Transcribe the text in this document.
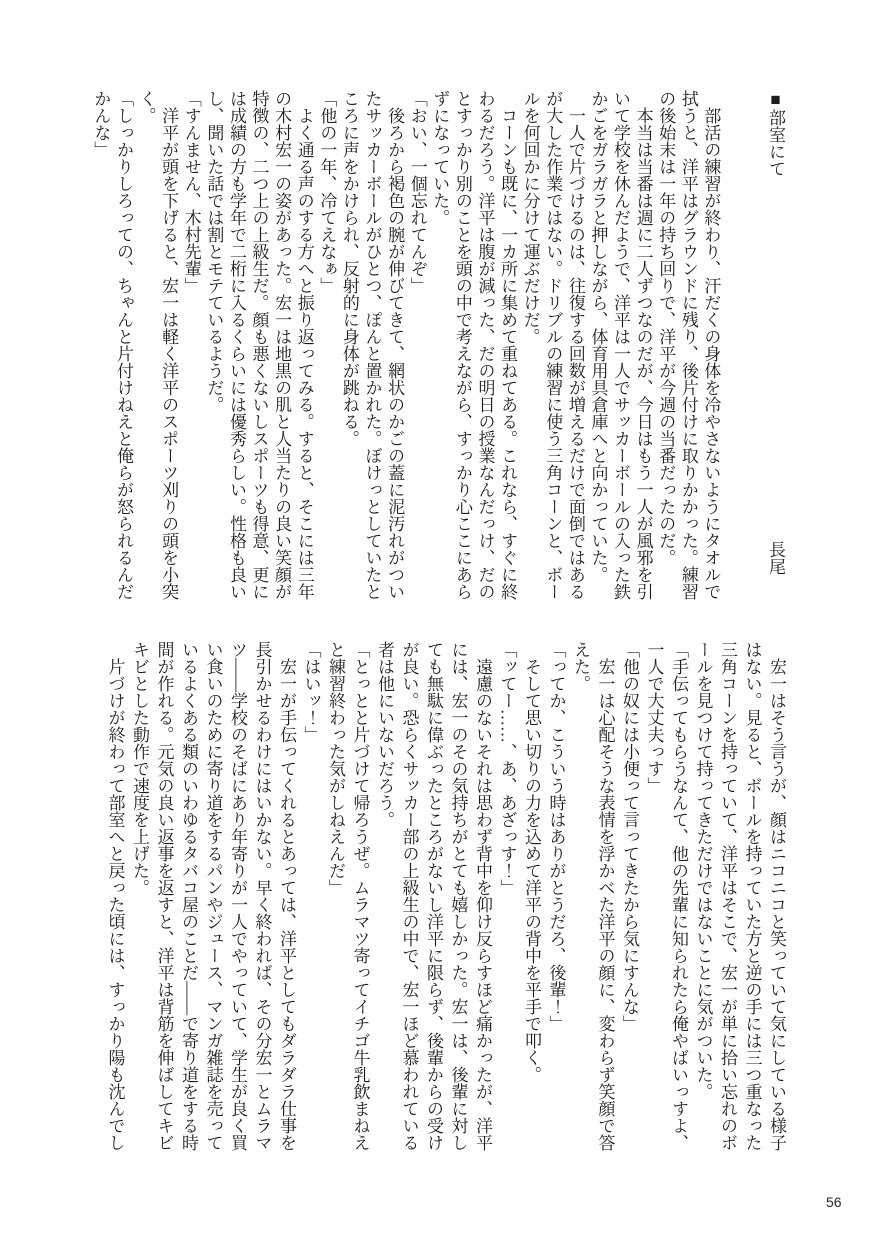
■部室にて
長尾

部活の練習が終わり、汗だくの身体を冷やさないようにタオルで拭うと、洋平はグラウンドに残り、後片付けに取りかかった。練習の後始末は一年の持ち回りで、洋平が今週の当番だったのだ。

本当は当番は週に二人ずつなのだが、今日はもう一人が風邪を引いて学校を休んだようで、洋平は一人でサッカーボールの入った鉄かごをガラガラと押しながら、体育用具倉庫へと向かっていた。

一人で片づけるのは、往復する回数が増えるだけで面倒ではあるが大した作業ではない。ドリブルの練習に使う三角コーンと、ボールを何回かに分けて運ぶだけだ。

コーンも既に、一カ所に集めて重ねてある。これなら、すぐに終わるだろう。洋平は腹が減った、だの明日の授業なんだっけ、だのとすっかり別のことを頭の中で考えながら、すっかり心ここにあらずになっていた。

「おい、一個忘れてんぞ」

後ろから褐色の腕が伸びてきて、網状のかごの蓋に泥汚れがついたサッカーボールがひとつ、ぽんと置かれた。ぼけっとしていたところに声をかけられ、反射的に身体が跳ねる。

「他の一年、冷てえなぁ」

よく通る声のする方へと振り返ってみる。すると、そこには三年の木村宏一の姿があった。宏一は地黒の肌と人当たりの良い笑顔が特徴の、二つ上の上級生だ。顔も悪くないしスポーツも得意、更には成績の方も学年で二桁に入るくらいには優秀らしい。性格も良いし、聞いた話では割とモテているようだ。

「すんません、木村先輩」

洋平が頭を下げると、宏一は軽く洋平のスポーツ刈りの頭を小突く。

「しっかりしろっての、ちゃんと片付けねえと俺らが怒られるんだかんな」

宏一はそう言うが、顔はニコニコと笑っていて気にしている様子はない。見ると、ボールを持っていた方と逆の手には三つ重なった三角コーンを持っていて、洋平はそこで、宏一が単に拾い忘れのボールを見つけて持ってきただけではないことに気がついた。

「手伝ってもらうなんて、他の先輩に知られたら俺やばいっすよ、一人で大丈夫っす」

「他の奴には小便って言ってきたから気にすんな」

宏一は心配そうな表情を浮かべた洋平の顔に、変わらず笑顔で答えた。

「ってか、こういう時はありがとうだろ、後輩！」

そして思い切りの力を込めて洋平の背中を平手で叩く。

「ッてー……、あ、あざっす！」

遠慮のないそれは思わず背中を仰け反らすほど痛かったが、洋平には、宏一のその気持ちがとても嬉しかった。宏一は、後輩に対しても無駄に偉ぶったところがないし洋平に限らず、後輩からの受けが良い。恐らくサッカー部の上級生の中で、宏一ほど慕われている者は他にいないだろう。

「とっとと片づけて帰ろうぜ。ムラマツ寄ってイチゴ牛乳飲まねえと練習終わった気がしねえんだ」

「はいッ！」

宏一が手伝ってくれるとあっては、洋平としてもダラダラ仕事を長引かせるわけにはいかない。早く終われば、その分宏一とムラマツ――学校のそばにあり年寄りが一人でやっていて、学生が良く買い食いのために寄り道をするパンやジュース、マンガ雑誌を売っているよくある類のいわゆるタバコ屋のことだ――で寄り道をする時間が作れる。元気の良い返事を返すと、洋平は背筋を伸ばしてキビキビとした動作で速度を上げた。

片づけが終わって部室へと戻った頃には、すっかり陽も沈んでし

56
